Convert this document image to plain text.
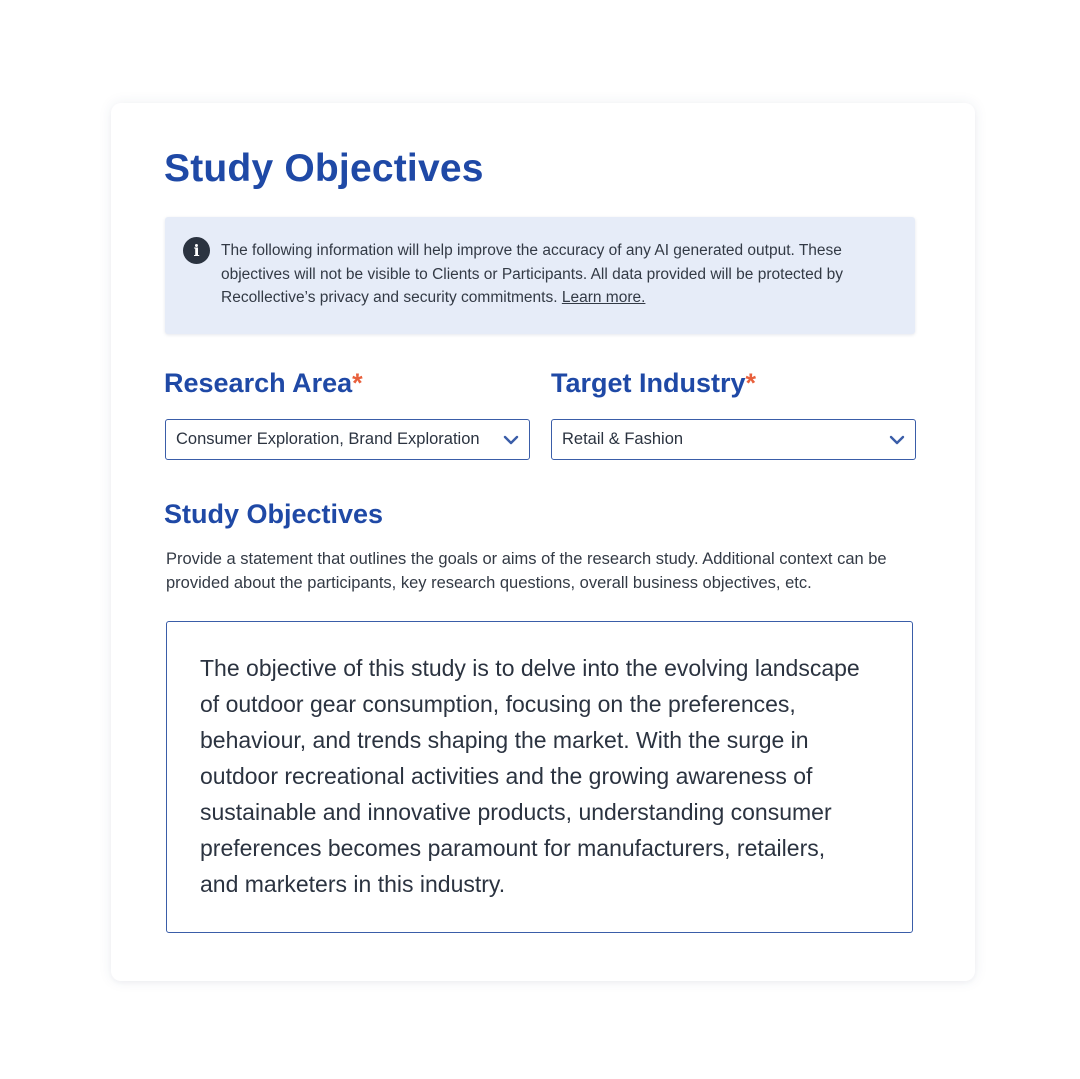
Study Objectives
i	The following information will help improve the accuracy of any AI generated output. These objectives will not be visible to Clients or Participants. All data provided will be protected by Recollective’s privacy and security commitments. Learn more.

Research Area*	Target Industry*
Consumer Exploration, Brand Exploration	Retail & Fashion
Study Objectives

Provide a statement that outlines the goals or aims of the research study. Additional context can be provided about the participants, key research questions, overall business objectives, etc.

The objective of this study is to delve into the evolving landscape of outdoor gear consumption, focusing on the preferences, behaviour, and trends shaping the market. With the surge in outdoor recreational activities and the growing awareness of sustainable and innovative products, understanding consumer preferences becomes paramount for manufacturers, retailers, and marketers in this industry.
